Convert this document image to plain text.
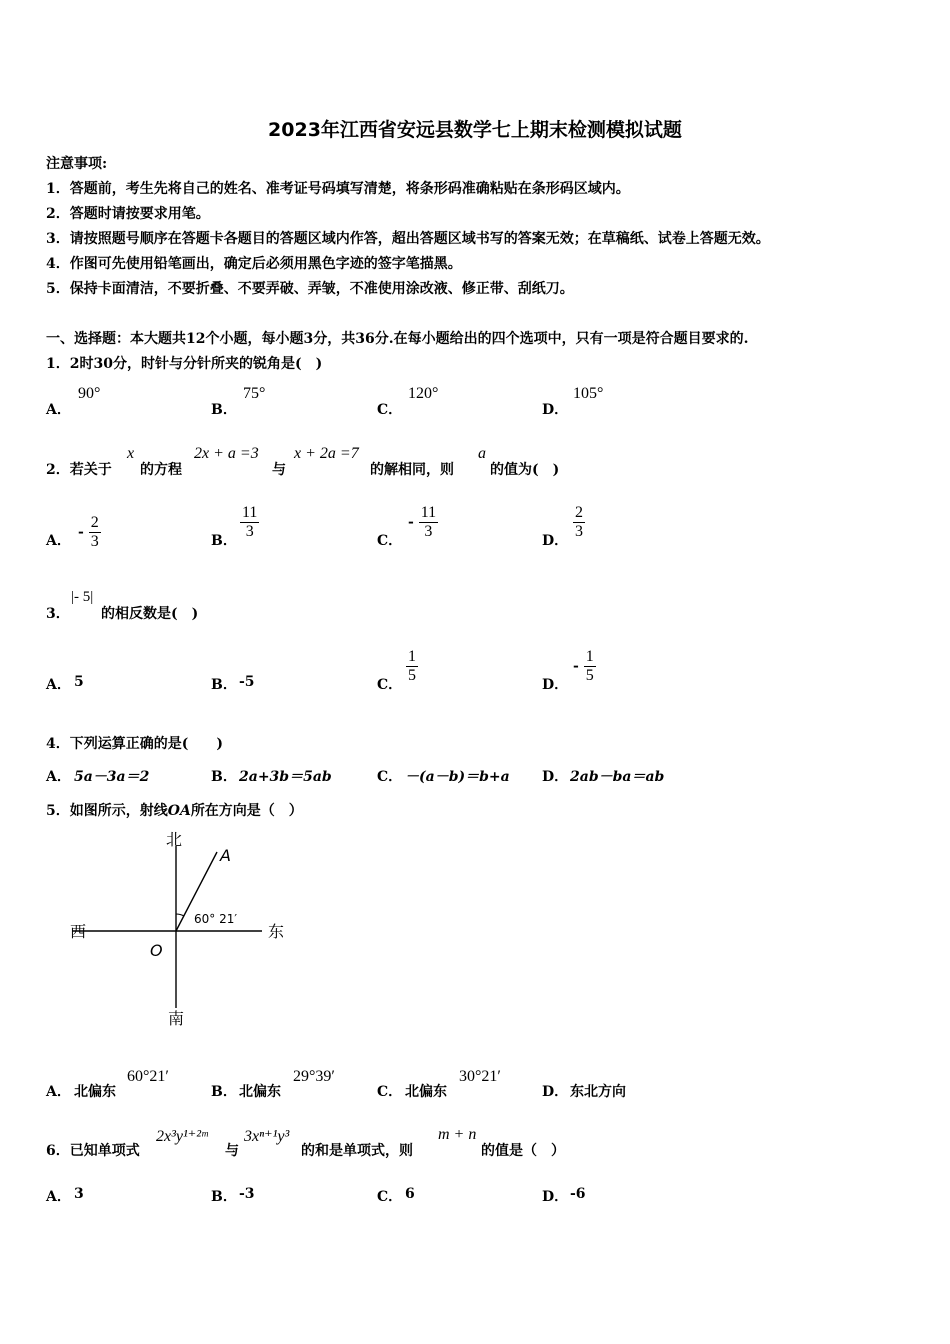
2023年江西省安远县数学七上期末检测模拟试题
注意事项:
1．答题前，考生先将自己的姓名、准考证号码填写清楚，将条形码准确粘贴在条形码区域内。
2．答题时请按要求用笔。
3．请按照题号顺序在答题卡各题目的答题区域内作答，超出答题区域书写的答案无效；在草稿纸、试卷上答题无效。
4．作图可先使用铅笔画出，确定后必须用黑色字迹的签字笔描黑。
5．保持卡面清洁，不要折叠、不要弄破、弄皱，不准使用涂改液、修正带、刮纸刀。
一、选择题：本大题共12个小题，每小题3分，共36分.在每小题给出的四个选项中，只有一项是符合题目要求的.
1．2时30分，时针与分针所夹的锐角是(　)
A．
90°
B．
75°
C．
120°
D．
105°
2．若关于
x
的方程
2x + a =3
与
x + 2a =7
的解相同，则
a
的值为(　)
A．
- $\frac{2}{3}$	B． $\frac{11}{3}$	C．
- $\frac{11}{3}$	D． $\frac{2}{3}$
3．
|- 5|
的相反数是(　)
A． 5	B． -5	C． $\frac{1}{5}$	D．
- $\frac{1}{5}$
4．下列运算正确的是(　　)
A． 5a－3a＝2	B． 2a+3b＝5ab	C． －(a－b)＝b+a D． 2ab－ba＝ab
5．如图所示，射线OA所在方向是（　）
北
南
东
西
O
A
60° 21′
A． 北偏东
60°21′
B． 北偏东
29°39′
C． 北偏东
30°21′
D． 东北方向
6．已知单项式
2x³y¹⁺²ᵐ
与
3xⁿ⁺¹y³
的和是单项式，则
m + n
的值是（　）
A． 3	B． -3	C． 6	D． -6
